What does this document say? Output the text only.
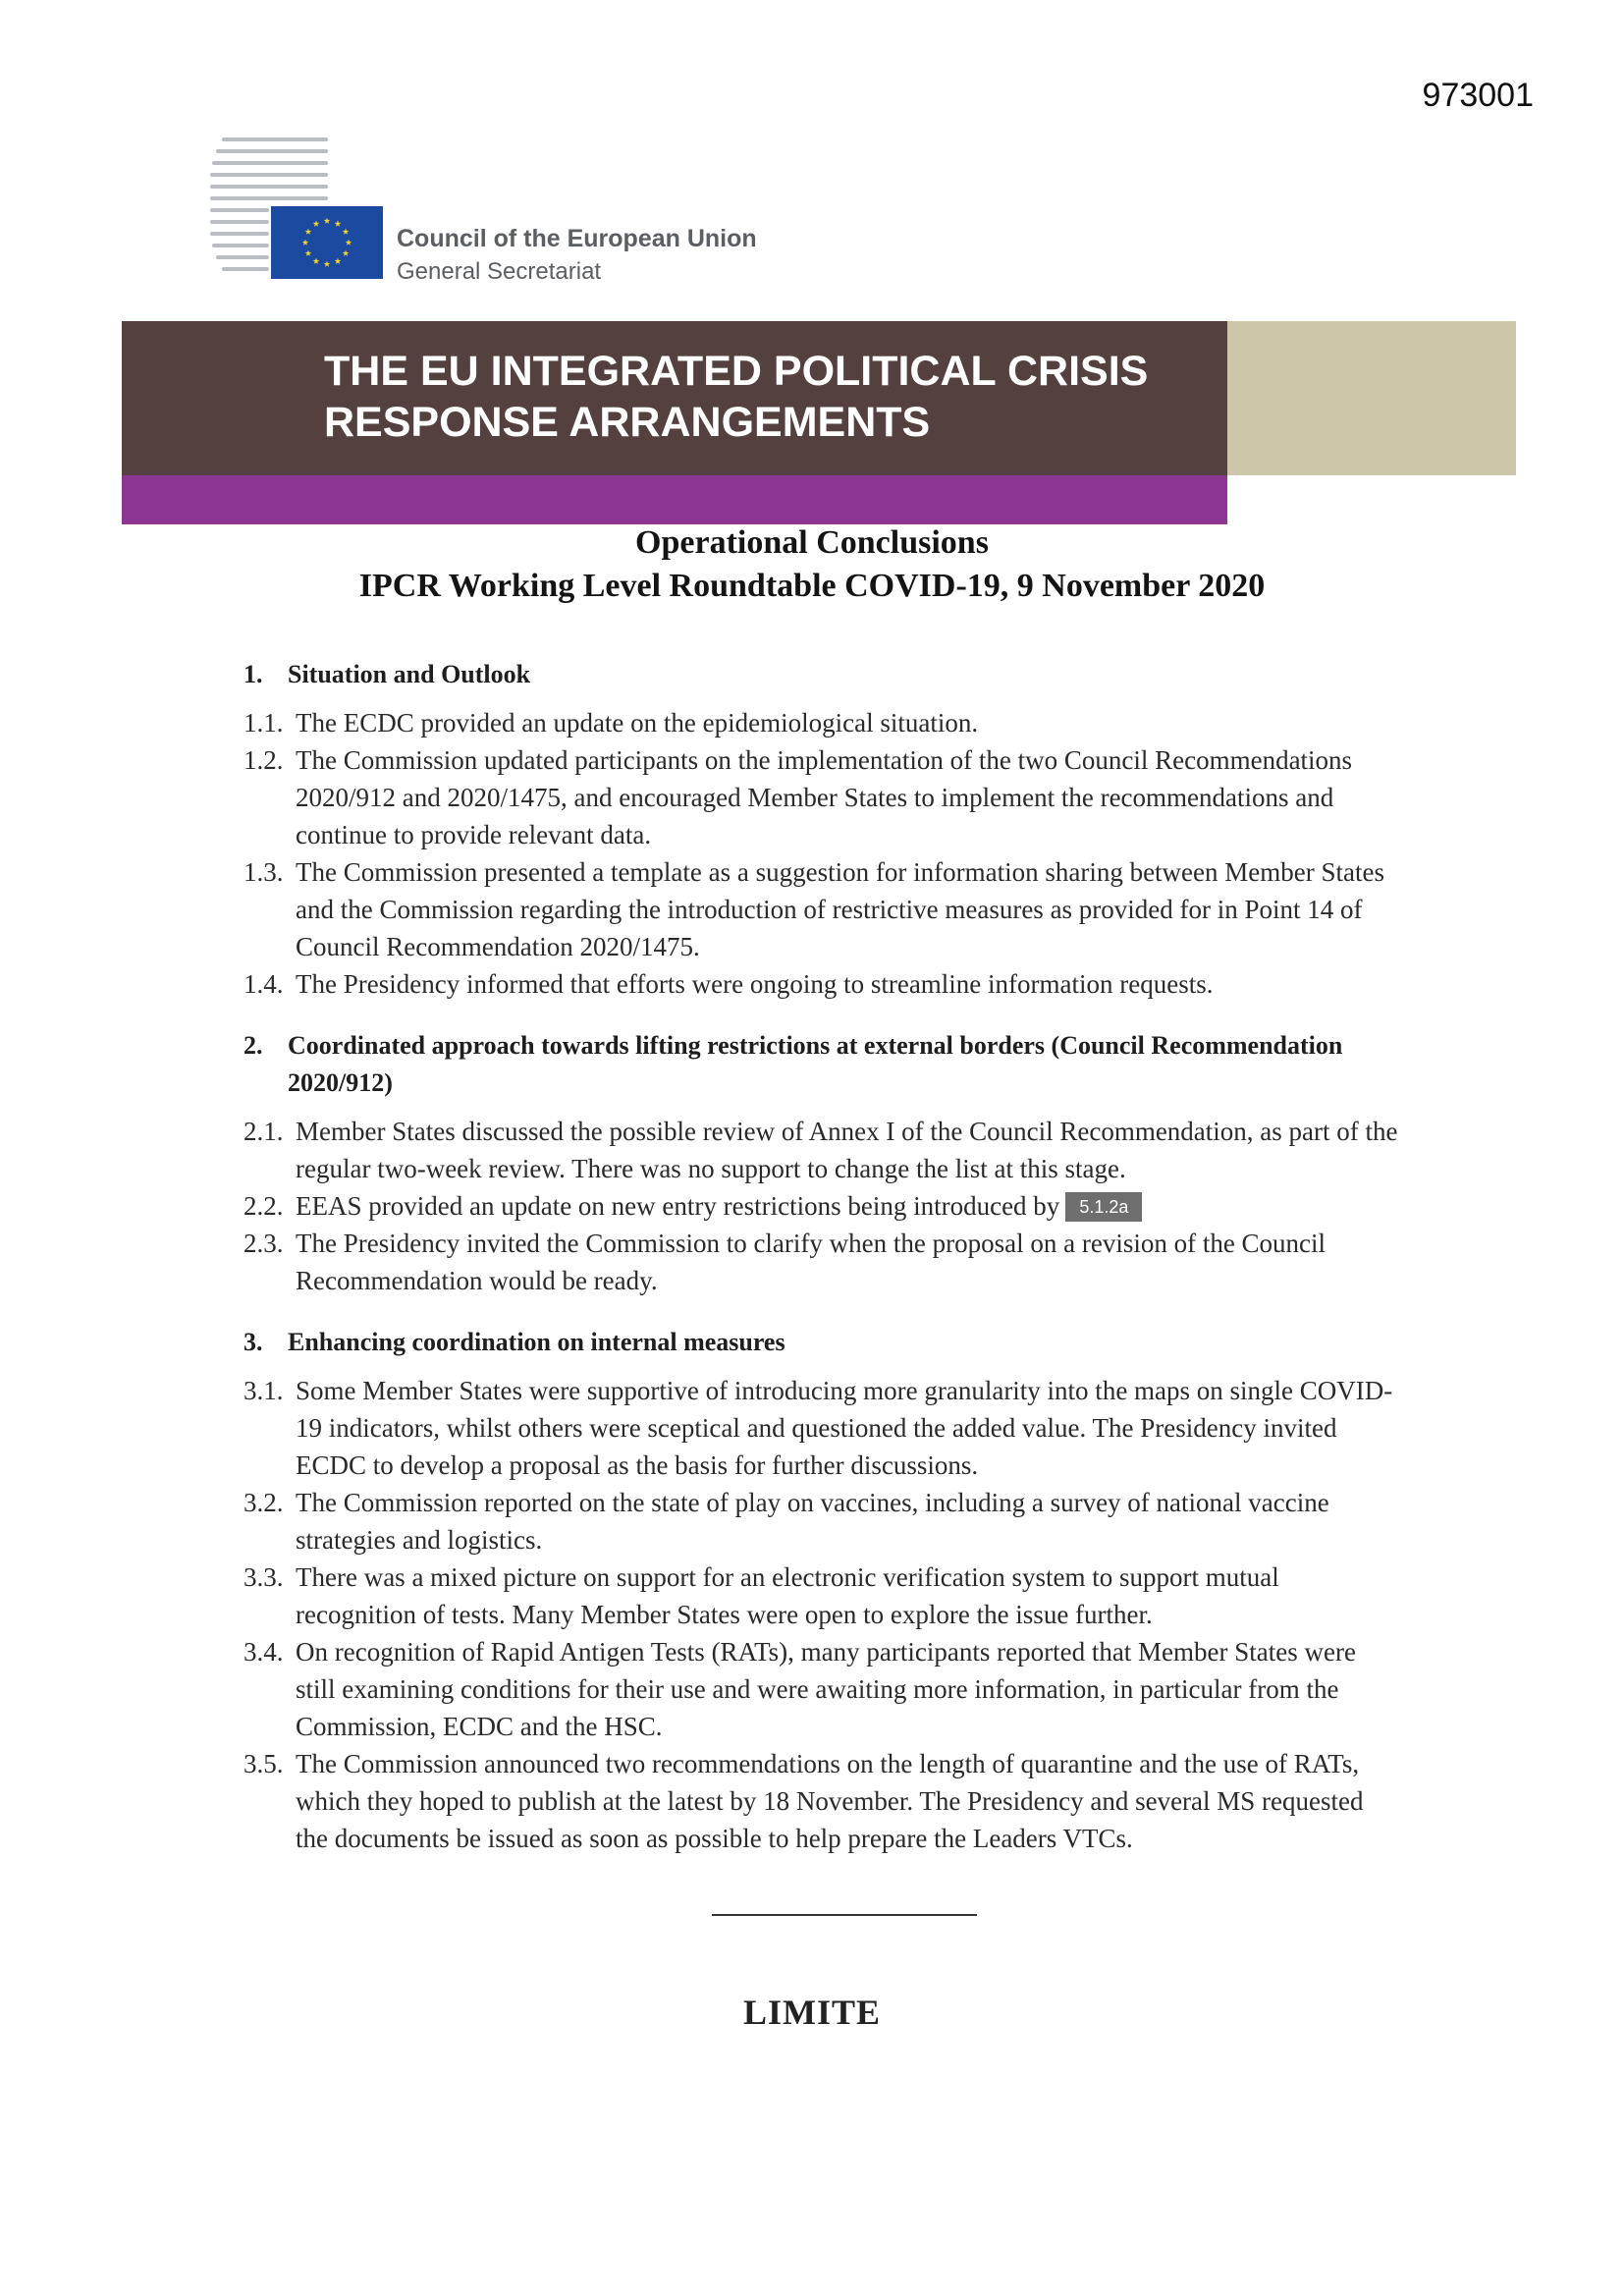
973001
Council of the European Union
General Secretariat
THE EU INTEGRATED POLITICAL CRISIS
RESPONSE ARRANGEMENTS
Operational Conclusions
IPCR Working Level Roundtable COVID-19, 9 November 2020
1. Situation and Outlook
1.1. The ECDC provided an update on the epidemiological situation.
1.2. The Commission updated participants on the implementation of the two Council Recommendations 2020/912 and 2020/1475, and encouraged Member States to implement the recommendations and continue to provide relevant data.
1.3. The Commission presented a template as a suggestion for information sharing between Member States and the Commission regarding the introduction of restrictive measures as provided for in Point 14 of Council Recommendation 2020/1475.
1.4. The Presidency informed that efforts were ongoing to streamline information requests.
2. Coordinated approach towards lifting restrictions at external borders (Council Recommendation 2020/912)
2.1. Member States discussed the possible review of Annex I of the Council Recommendation, as part of the regular two-week review. There was no support to change the list at this stage.
2.2. EEAS provided an update on new entry restrictions being introduced by 5.1.2a
2.3. The Presidency invited the Commission to clarify when the proposal on a revision of the Council Recommendation would be ready.
3. Enhancing coordination on internal measures
3.1. Some Member States were supportive of introducing more granularity into the maps on single COVID-19 indicators, whilst others were sceptical and questioned the added value. The Presidency invited ECDC to develop a proposal as the basis for further discussions.
3.2. The Commission reported on the state of play on vaccines, including a survey of national vaccine strategies and logistics.
3.3. There was a mixed picture on support for an electronic verification system to support mutual recognition of tests. Many Member States were open to explore the issue further.
3.4. On recognition of Rapid Antigen Tests (RATs), many participants reported that Member States were still examining conditions for their use and were awaiting more information, in particular from the Commission, ECDC and the HSC.
3.5. The Commission announced two recommendations on the length of quarantine and the use of RATs, which they hoped to publish at the latest by 18 November. The Presidency and several MS requested the documents be issued as soon as possible to help prepare the Leaders VTCs.
LIMITE
